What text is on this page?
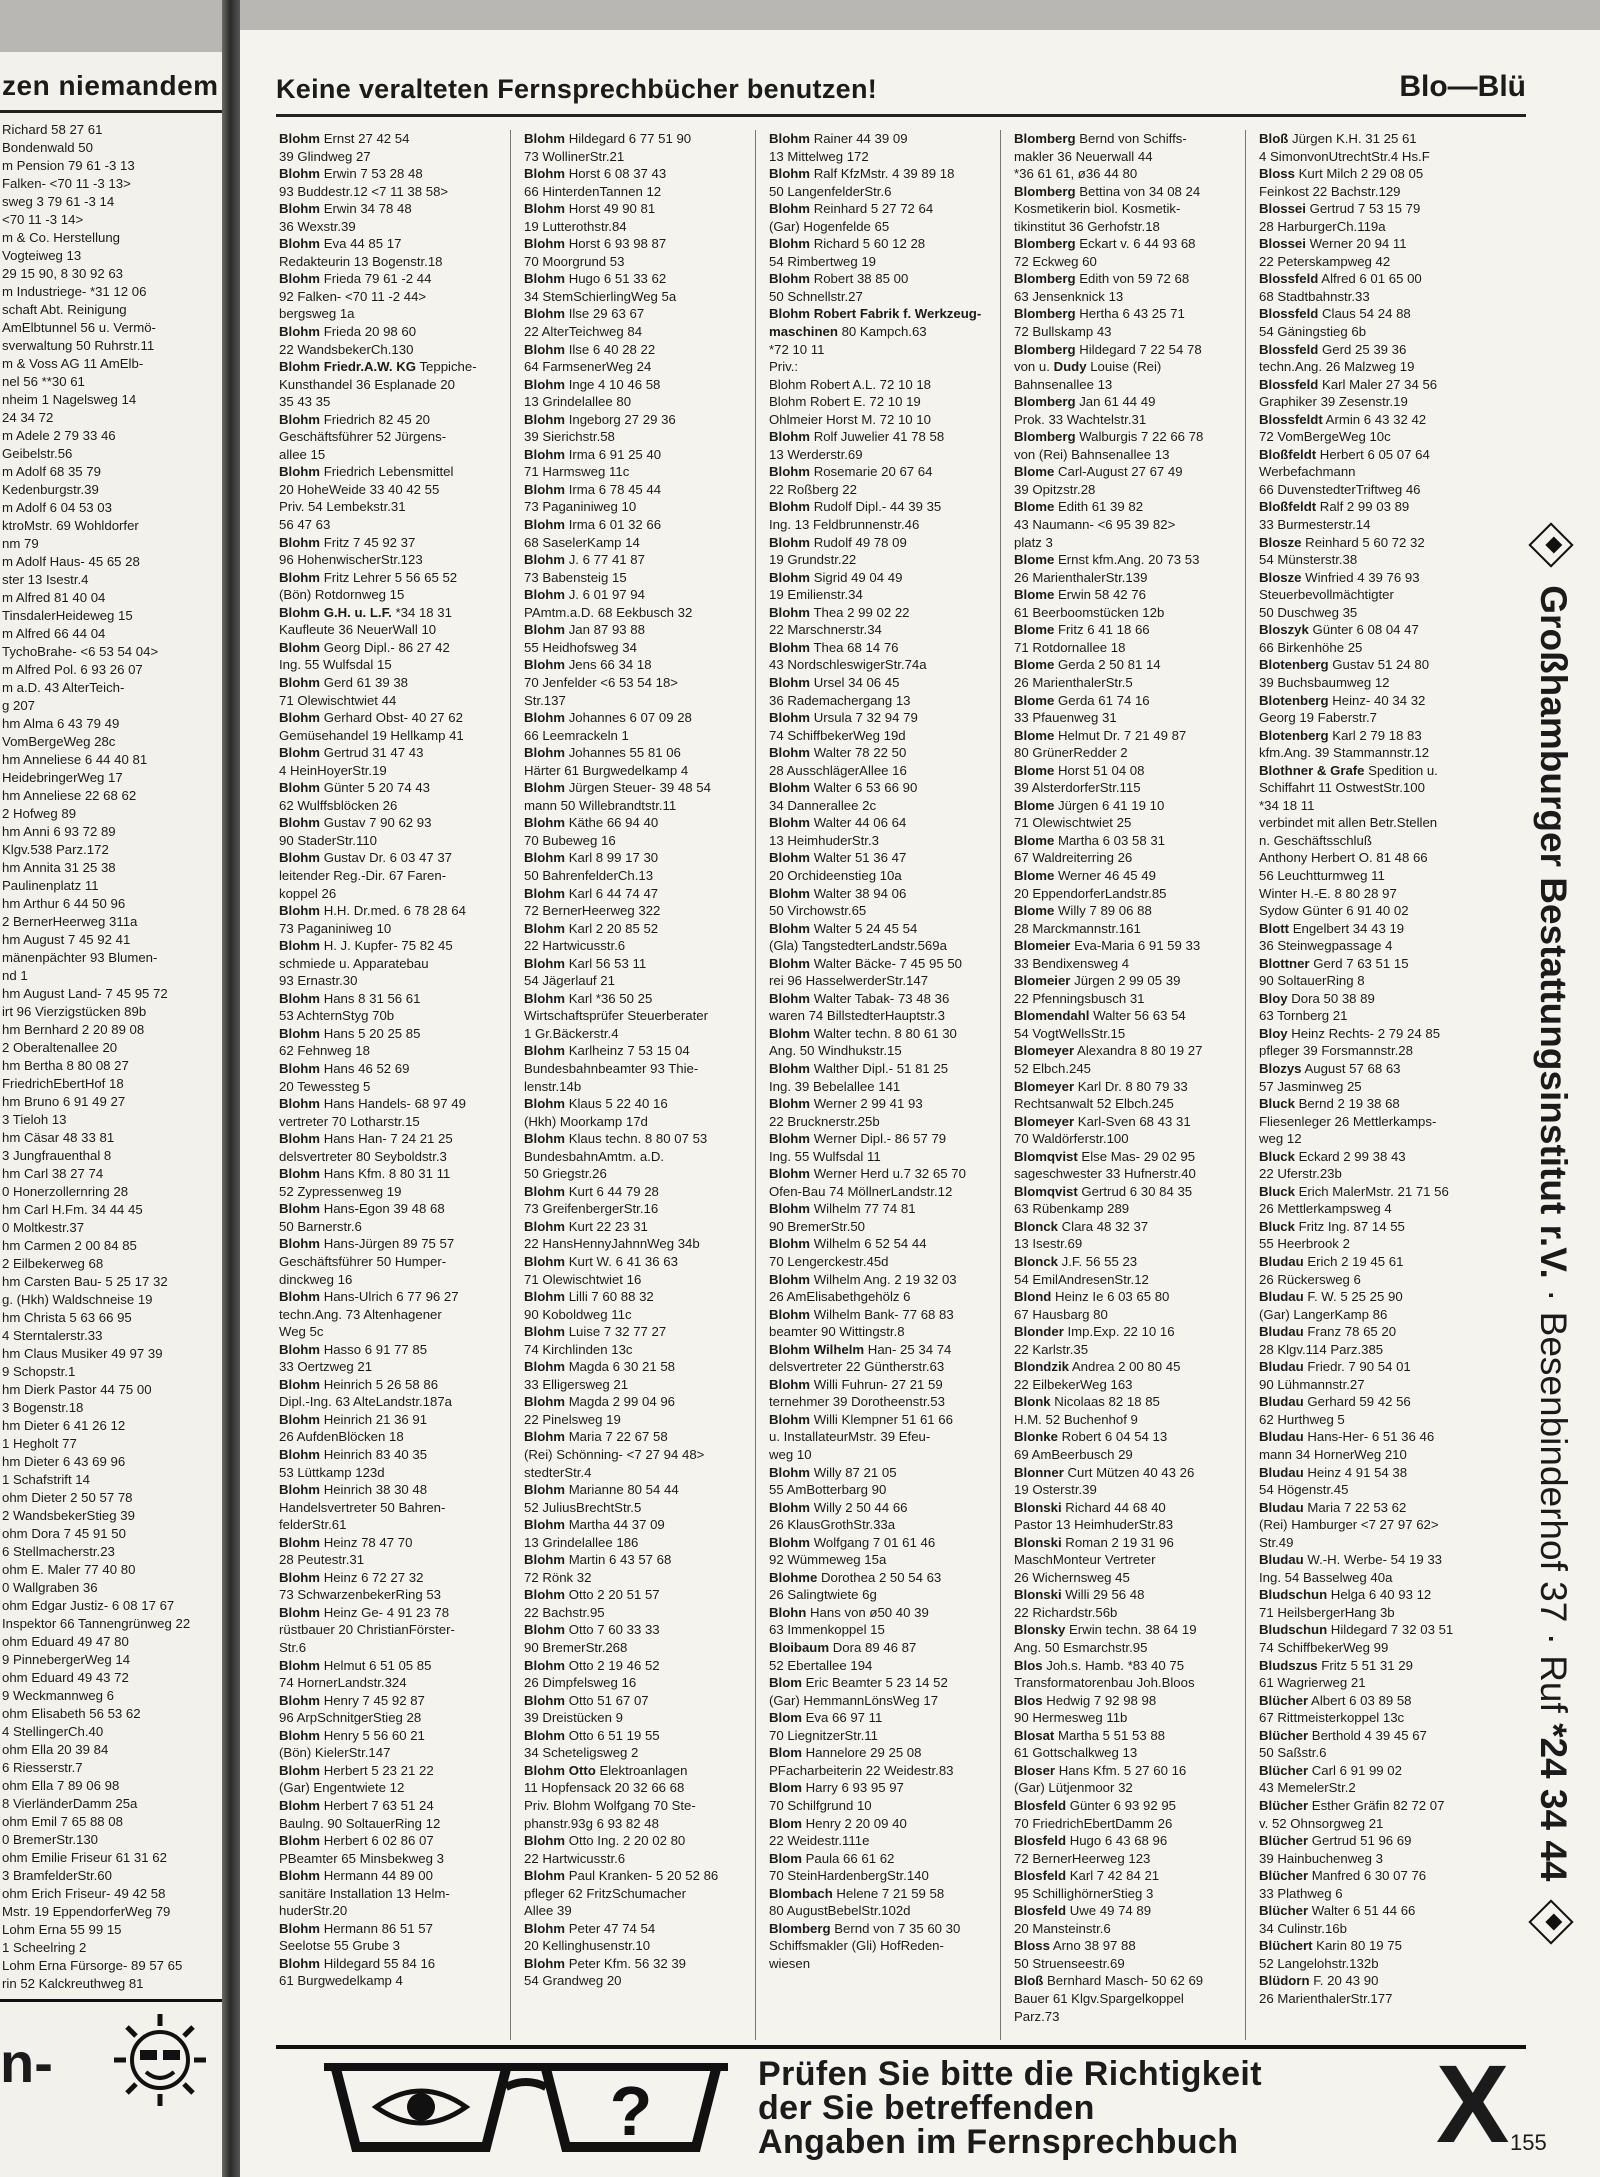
zen niemandem
Richard 58 27 61
Bondenwald 50
m Pension 79 61 -3 13
Falken- <70 11 -3 13>
sweg 3 79 61 -3 14
<70 11 -3 14>
m & Co. Herstellung
Vogteiweg 13
29 15 90, 8 30 92 63
m Industriege- *31 12 06
schaft Abt. Reinigung
AmElbtunnel 56 u. Vermö-
sverwaltung 50 Ruhrstr.11
m & Voss AG 11 AmElb-
nel 56 **30 61
nheim 1 Nagelsweg 14
24 34 72
m Adele 2 79 33 46
Geibelstr.56
m Adolf 68 35 79
Kedenburgstr.39
m Adolf 6 04 53 03
ktroMstr. 69 Wohldorfer
nm 79
m Adolf Haus- 45 65 28
ster 13 Isestr.4
m Alfred 81 40 04
TinsdalerHeideweg 15
m Alfred 66 44 04
TychoBrahe- <6 53 54 04>
m Alfred Pol. 6 93 26 07
m a.D. 43 AlterTeich-
g 207
hm Alma 6 43 79 49
VomBergeWeg 28c
hm Anneliese 6 44 40 81
HeidebringerWeg 17
hm Anneliese 22 68 62
2 Hofweg 89
hm Anni 6 93 72 89
Klgv.538 Parz.172
hm Annita 31 25 38
Paulinenplatz 11
hm Arthur 6 44 50 96
2 BernerHeerweg 311a
hm August 7 45 92 41
mänenpächter 93 Blumen-
nd 1
hm August Land- 7 45 95 72
irt 96 Vierzigstücken 89b
hm Bernhard 2 20 89 08
2 Oberaltenallee 20
hm Bertha 8 80 08 27
FriedrichEbertHof 18
hm Bruno 6 91 49 27
3 Tieloh 13
hm Cäsar 48 33 81
3 Jungfrauenthal 8
hm Carl 38 27 74
0 Honerzollernring 28
hm Carl H.Fm. 34 44 45
0 Moltkestr.37
hm Carmen 2 00 84 85
2 Eilbekerweg 68
hm Carsten Bau- 5 25 17 32
g. (Hkh) Waldschneise 19
hm Christa 5 63 66 95
4 Sterntalerstr.33
hm Claus Musiker 49 97 39
9 Schopstr.1
hm Dierk Pastor 44 75 00
3 Bogenstr.18
hm Dieter 6 41 26 12
1 Hegholt 77
hm Dieter 6 43 69 96
1 Schafstrift 14
ohm Dieter 2 50 57 78
2 WandsbekerStieg 39
ohm Dora 7 45 91 50
6 Stellmacherstr.23
ohm E. Maler 77 40 80
0 Wallgraben 36
ohm Edgar Justiz- 6 08 17 67
Inspektor 66 Tannengrünweg 22
ohm Eduard 49 47 80
9 PinnebergerWeg 14
ohm Eduard 49 43 72
9 Weckmannweg 6
ohm Elisabeth 56 53 62
4 StellingerCh.40
ohm Ella 20 39 84
6 Riesserstr.7
ohm Ella 7 89 06 98
8 VierländerDamm 25a
ohm Emil 7 65 88 08
0 BremerStr.130
ohm Emilie Friseur 61 31 62
3 BramfelderStr.60
ohm Erich Friseur- 49 42 58
Mstr. 19 EppendorferWeg 79
Lohm Erna 55 99 15
1 Scheelring 2
Lohm Erna Fürsorge- 89 57 65
rin 52 Kalckreuthweg 81
n-
Keine veralteten Fernsprechbücher benutzen!	Blo—Blü
Blohm Ernst 27 42 54
39 Glindweg 27
Blohm Erwin 7 53 28 48
93 Buddestr.12 <7 11 38 58>
Blohm Erwin 34 78 48
36 Wexstr.39
Blohm Eva 44 85 17
Redakteurin 13 Bogenstr.18
Blohm Frieda 79 61 -2 44
92 Falken- <70 11 -2 44>
bergsweg 1a
Blohm Frieda 20 98 60
22 WandsbekerCh.130
Blohm Friedr.A.W. KG Teppiche-
Kunsthandel 36 Esplanade 20
35 43 35
Blohm Friedrich 82 45 20
Geschäftsführer 52 Jürgens-
allee 15
Blohm Friedrich Lebensmittel
20 HoheWeide 33 40 42 55
Priv. 54 Lembekstr.31
56 47 63
Blohm Fritz 7 45 92 37
96 HohenwischerStr.123
Blohm Fritz Lehrer 5 56 65 52
(Bön) Rotdornweg 15
Blohm G.H. u. L.F. *34 18 31
Kaufleute 36 NeuerWall 10
Blohm Georg Dipl.- 86 27 42
Ing. 55 Wulfsdal 15
Blohm Gerd 61 39 38
71 Olewischtwiet 44
Blohm Gerhard Obst- 40 27 62
Gemüsehandel 19 Hellkamp 41
Blohm Gertrud 31 47 43
4 HeinHoyerStr.19
Blohm Günter 5 20 74 43
62 Wulffsblöcken 26
Blohm Gustav 7 90 62 93
90 StaderStr.110
Blohm Gustav Dr. 6 03 47 37
leitender Reg.-Dir. 67 Faren-
koppel 26
Blohm H.H. Dr.med. 6 78 28 64
73 Paganiniweg 10
Blohm H. J. Kupfer- 75 82 45
schmiede u. Apparatebau
93 Ernastr.30
Blohm Hans 8 31 56 61
53 AchternStyg 70b
Blohm Hans 5 20 25 85
62 Fehnweg 18
Blohm Hans 46 52 69
20 Tewessteg 5
Blohm Hans Handels- 68 97 49
vertreter 70 Lotharstr.15
Blohm Hans Han- 7 24 21 25
delsvertreter 80 Seyboldstr.3
Blohm Hans Kfm. 8 80 31 11
52 Zypressenweg 19
Blohm Hans-Egon 39 48 68
50 Barnerstr.6
Blohm Hans-Jürgen 89 75 57
Geschäftsführer 50 Humper-
dinckweg 16
Blohm Hans-Ulrich 6 77 96 27
techn.Ang. 73 Altenhagener
Weg 5c
Blohm Hasso 6 91 77 85
33 Oertzweg 21
Blohm Heinrich 5 26 58 86
Dipl.-Ing. 63 AlteLandstr.187a
Blohm Heinrich 21 36 91
26 AufdenBlöcken 18
Blohm Heinrich 83 40 35
53 Lüttkamp 123d
Blohm Heinrich 38 30 48
Handelsvertreter 50 Bahren-
felderStr.61
Blohm Heinz 78 47 70
28 Peutestr.31
Blohm Heinz 6 72 27 32
73 SchwarzenbekerRing 53
Blohm Heinz Ge- 4 91 23 78
rüstbauer 20 ChristianFörster-
Str.6
Blohm Helmut 6 51 05 85
74 HornerLandstr.324
Blohm Henry 7 45 92 87
96 ArpSchnitgerStieg 28
Blohm Henry 5 56 60 21
(Bön) KielerStr.147
Blohm Herbert 5 23 21 22
(Gar) Engentwiete 12
Blohm Herbert 7 63 51 24
Baulng. 90 SoltauerRing 12
Blohm Herbert 6 02 86 07
PBeamter 65 Minsbekweg 3
Blohm Hermann 44 89 00
sanitäre Installation 13 Helm-
huderStr.20
Blohm Hermann 86 51 57
Seelotse 55 Grube 3
Blohm Hildegard 55 84 16
61 Burgwedelkamp 4
Blohm Hildegard 6 77 51 90
73 WollinerStr.21
Blohm Horst 6 08 37 43
66 HinterdenTannen 12
Blohm Horst 49 90 81
19 Lutterothstr.84
Blohm Horst 6 93 98 87
70 Moorgrund 53
Blohm Hugo 6 51 33 62
34 StemSchierlingWeg 5a
Blohm Ilse 29 63 67
22 AlterTeichweg 84
Blohm Ilse 6 40 28 22
64 FarmsenerWeg 24
Blohm Inge 4 10 46 58
13 Grindelallee 80
Blohm Ingeborg 27 29 36
39 Sierichstr.58
Blohm Irma 6 91 25 40
71 Harmsweg 11c
Blohm Irma 6 78 45 44
73 Paganiniweg 10
Blohm Irma 6 01 32 66
68 SaselerKamp 14
Blohm J. 6 77 41 87
73 Babensteig 15
Blohm J. 6 01 97 94
PAmtm.a.D. 68 Eekbusch 32
Blohm Jan 87 93 88
55 Heidhofsweg 34
Blohm Jens 66 34 18
70 Jenfelder <6 53 54 18>
Str.137
Blohm Johannes 6 07 09 28
66 Leemrackeln 1
Blohm Johannes 55 81 06
Härter 61 Burgwedelkamp 4
Blohm Jürgen Steuer- 39 48 54
mann 50 Willebrandtstr.11
Blohm Käthe 66 94 40
70 Bubeweg 16
Blohm Karl 8 99 17 30
50 BahrenfelderCh.13
Blohm Karl 6 44 74 47
72 BernerHeerweg 322
Blohm Karl 2 20 85 52
22 Hartwicusstr.6
Blohm Karl 56 53 11
54 Jägerlauf 21
Blohm Karl *36 50 25
Wirtschaftsprüfer Steuerberater
1 Gr.Bäckerstr.4
Blohm Karlheinz 7 53 15 04
Bundesbahnbeamter 93 Thie-
lenstr.14b
Blohm Klaus 5 22 40 16
(Hkh) Moorkamp 17d
Blohm Klaus techn. 8 80 07 53
BundesbahnAmtm. a.D.
50 Griegstr.26
Blohm Kurt 6 44 79 28
73 GreifenbergerStr.16
Blohm Kurt 22 23 31
22 HansHennyJahnnWeg 34b
Blohm Kurt W. 6 41 36 63
71 Olewischtwiet 16
Blohm Lilli 7 60 88 32
90 Koboldweg 11c
Blohm Luise 7 32 77 27
74 Kirchlinden 13c
Blohm Magda 6 30 21 58
33 Elligersweg 21
Blohm Magda 2 99 04 96
22 Pinelsweg 19
Blohm Maria 7 22 67 58
(Rei) Schönning- <7 27 94 48>
stedterStr.4
Blohm Marianne 80 54 44
52 JuliusBrechtStr.5
Blohm Martha 44 37 09
13 Grindelallee 186
Blohm Martin 6 43 57 68
72 Rönk 32
Blohm Otto 2 20 51 57
22 Bachstr.95
Blohm Otto 7 60 33 33
90 BremerStr.268
Blohm Otto 2 19 46 52
26 Dimpfelsweg 16
Blohm Otto 51 67 07
39 Dreistücken 9
Blohm Otto 6 51 19 55
34 Scheteligsweg 2
Blohm Otto Elektroanlagen
11 Hopfensack 20 32 66 68
Priv. Blohm Wolfgang 70 Ste-
phanstr.93g 6 93 82 48
Blohm Otto Ing. 2 20 02 80
22 Hartwicusstr.6
Blohm Paul Kranken- 5 20 52 86
pfleger 62 FritzSchumacher
Allee 39
Blohm Peter 47 74 54
20 Kellinghusenstr.10
Blohm Peter Kfm. 56 32 39
54 Grandweg 20
Blohm Rainer 44 39 09
13 Mittelweg 172
Blohm Ralf KfzMstr. 4 39 89 18
50 LangenfelderStr.6
Blohm Reinhard 5 27 72 64
(Gar) Hogenfelde 65
Blohm Richard 5 60 12 28
54 Rimbertweg 19
Blohm Robert 38 85 00
50 Schnellstr.27
Blohm Robert Fabrik f. Werkzeug-
maschinen 80 Kampch.63
*72 10 11
Priv.:
Blohm Robert A.L. 72 10 18
Blohm Robert E. 72 10 19
Ohlmeier Horst M. 72 10 10
Blohm Rolf Juwelier 41 78 58
13 Werderstr.69
Blohm Rosemarie 20 67 64
22 Roßberg 22
Blohm Rudolf Dipl.- 44 39 35
Ing. 13 Feldbrunnenstr.46
Blohm Rudolf 49 78 09
19 Grundstr.22
Blohm Sigrid 49 04 49
19 Emilienstr.34
Blohm Thea 2 99 02 22
22 Marschnerstr.34
Blohm Thea 68 14 76
43 NordschleswigerStr.74a
Blohm Ursel 34 06 45
36 Rademachergang 13
Blohm Ursula 7 32 94 79
74 SchiffbekerWeg 19d
Blohm Walter 78 22 50
28 AusschlägerAllee 16
Blohm Walter 6 53 66 90
34 Dannerallee 2c
Blohm Walter 44 06 64
13 HeimhuderStr.3
Blohm Walter 51 36 47
20 Orchideenstieg 10a
Blohm Walter 38 94 06
50 Virchowstr.65
Blohm Walter 5 24 45 54
(Gla) TangstedterLandstr.569a
Blohm Walter Bäcke- 7 45 95 50
rei 96 HasselwerderStr.147
Blohm Walter Tabak- 73 48 36
waren 74 BillstedterHauptstr.3
Blohm Walter techn. 8 80 61 30
Ang. 50 Windhukstr.15
Blohm Walther Dipl.- 51 81 25
Ing. 39 Bebelallee 141
Blohm Werner 2 99 41 93
22 Brucknerstr.25b
Blohm Werner Dipl.- 86 57 79
Ing. 55 Wulfsdal 11
Blohm Werner Herd u.7 32 65 70
Ofen-Bau 74 MöllnerLandstr.12
Blohm Wilhelm 77 74 81
90 BremerStr.50
Blohm Wilhelm 6 52 54 44
70 Lengerckestr.45d
Blohm Wilhelm Ang. 2 19 32 03
26 AmElisabethgehölz 6
Blohm Wilhelm Bank- 77 68 83
beamter 90 Wittingstr.8
Blohm Wilhelm Han- 25 34 74
delsvertreter 22 Güntherstr.63
Blohm Willi Fuhrun- 27 21 59
ternehmer 39 Dorotheenstr.53
Blohm Willi Klempner 51 61 66
u. InstallateurMstr. 39 Efeu-
weg 10
Blohm Willy 87 21 05
55 AmBotterbarg 90
Blohm Willy 2 50 44 66
26 KlausGrothStr.33a
Blohm Wolfgang 7 01 61 46
92 Wümmeweg 15a
Blohme Dorothea 2 50 54 63
26 Salingtwiete 6g
Blohn Hans von ø50 40 39
63 Immenkoppel 15
Bloibaum Dora 89 46 87
52 Ebertallee 194
Blom Eric Beamter 5 23 14 52
(Gar) HemmannLönsWeg 17
Blom Eva 66 97 11
70 LiegnitzerStr.11
Blom Hannelore 29 25 08
PFacharbeiterin 22 Weidestr.83
Blom Harry 6 93 95 97
70 Schilfgrund 10
Blom Henry 2 20 09 40
22 Weidestr.111e
Blom Paula 66 61 62
70 SteinHardenbergStr.140
Blombach Helene 7 21 59 58
80 AugustBebelStr.102d
Blomberg Bernd von 7 35 60 30
Schiffsmakler (Gli) HofReden-
wiesen
Blomberg Bernd von Schiffs-
makler 36 Neuerwall 44
*36 61 61, ø36 44 80
Blomberg Bettina von 34 08 24
Kosmetikerin biol. Kosmetik-
tikinstitut 36 Gerhofstr.18
Blomberg Eckart v. 6 44 93 68
72 Eckweg 60
Blomberg Edith von 59 72 68
63 Jensenknick 13
Blomberg Hertha 6 43 25 71
72 Bullskamp 43
Blomberg Hildegard 7 22 54 78
von u. Dudy Louise (Rei)
Bahnsenallee 13
Blomberg Jan 61 44 49
Prok. 33 Wachtelstr.31
Blomberg Walburgis 7 22 66 78
von (Rei) Bahnsenallee 13
Blome Carl-August 27 67 49
39 Opitzstr.28
Blome Edith 61 39 82
43 Naumann- <6 95 39 82>
platz 3
Blome Ernst kfm.Ang. 20 73 53
26 MarienthalerStr.139
Blome Erwin 58 42 76
61 Beerboomstücken 12b
Blome Fritz 6 41 18 66
71 Rotdornallee 18
Blome Gerda 2 50 81 14
26 MarienthalerStr.5
Blome Gerda 61 74 16
33 Pfauenweg 31
Blome Helmut Dr. 7 21 49 87
80 GrünerRedder 2
Blome Horst 51 04 08
39 AlsterdorferStr.115
Blome Jürgen 6 41 19 10
71 Olewischtwiet 25
Blome Martha 6 03 58 31
67 Waldreiterring 26
Blome Werner 46 45 49
20 EppendorferLandstr.85
Blome Willy 7 89 06 88
28 Marckmannstr.161
Blomeier Eva-Maria 6 91 59 33
33 Bendixensweg 4
Blomeier Jürgen 2 99 05 39
22 Pfenningsbusch 31
Blomendahl Walter 56 63 54
54 VogtWellsStr.15
Blomeyer Alexandra 8 80 19 27
52 Elbch.245
Blomeyer Karl Dr. 8 80 79 33
Rechtsanwalt 52 Elbch.245
Blomeyer Karl-Sven 68 43 31
70 Waldörferstr.100
Blomqvist Else Mas- 29 02 95
sageschwester 33 Hufnerstr.40
Blomqvist Gertrud 6 30 84 35
63 Rübenkamp 289
Blonck Clara 48 32 37
13 Isestr.69
Blonck J.F. 56 55 23
54 EmilAndresenStr.12
Blond Heinz Ie 6 03 65 80
67 Hausbarg 80
Blonder Imp.Exp. 22 10 16
22 Karlstr.35
Blondzik Andrea 2 00 80 45
22 EilbekerWeg 163
Blonk Nicolaas 82 18 85
H.M. 52 Buchenhof 9
Blonke Robert 6 04 54 13
69 AmBeerbusch 29
Blonner Curt Mützen 40 43 26
19 Osterstr.39
Blonski Richard 44 68 40
Pastor 13 HeimhuderStr.83
Blonski Roman 2 19 31 96
MaschMonteur Vertreter
26 Wichernsweg 45
Blonski Willi 29 56 48
22 Richardstr.56b
Blonsky Erwin techn. 38 64 19
Ang. 50 Esmarchstr.95
Blos Joh.s. Hamb. *83 40 75
Transformatorenbau Joh.Bloos
Blos Hedwig 7 92 98 98
90 Hermesweg 11b
Blosat Martha 5 51 53 88
61 Gottschalkweg 13
Bloser Hans Kfm. 5 27 60 16
(Gar) Lütjenmoor 32
Blosfeld Günter 6 93 92 95
70 FriedrichEbertDamm 26
Blosfeld Hugo 6 43 68 96
72 BernerHeerweg 123
Blosfeld Karl 7 42 84 21
95 SchillighörnerStieg 3
Blosfeld Uwe 49 74 89
20 Mansteinstr.6
Bloss Arno 38 97 88
50 Struenseestr.69
Bloß Bernhard Masch- 50 62 69
Bauer 61 Klgv.Spargelkoppel
Parz.73
Bloß Jürgen K.H. 31 25 61
4 SimonvonUtrechtStr.4 Hs.F
Bloss Kurt Milch 2 29 08 05
Feinkost 22 Bachstr.129
Blossei Gertrud 7 53 15 79
28 HarburgerCh.119a
Blossei Werner 20 94 11
22 Peterskampweg 42
Blossfeld Alfred 6 01 65 00
68 Stadtbahnstr.33
Blossfeld Claus 54 24 88
54 Gäningstieg 6b
Blossfeld Gerd 25 39 36
techn.Ang. 26 Malzweg 19
Blossfeld Karl Maler 27 34 56
Graphiker 39 Zesenstr.19
Blossfeldt Armin 6 43 32 42
72 VomBergeWeg 10c
Bloßfeldt Herbert 6 05 07 64
Werbefachmann
66 DuvenstedterTriftweg 46
Bloßfeldt Ralf 2 99 03 89
33 Burmesterstr.14
Blosze Reinhard 5 60 72 32
54 Münsterstr.38
Blosze Winfried 4 39 76 93
Steuerbevollmächtigter
50 Duschweg 35
Bloszyk Günter 6 08 04 47
66 Birkenhöhe 25
Blotenberg Gustav 51 24 80
39 Buchsbaumweg 12
Blotenberg Heinz- 40 34 32
Georg 19 Faberstr.7
Blotenberg Karl 2 79 18 83
kfm.Ang. 39 Stammannstr.12
Blothner & Grafe Spedition u.
Schiffahrt 11 OstwestStr.100
*34 18 11
verbindet mit allen Betr.Stellen
n. Geschäftsschluß
Anthony Herbert O. 81 48 66
56 Leuchtturmweg 11
Winter H.-E. 8 80 28 97
Sydow Günter 6 91 40 02
Blott Engelbert 34 43 19
36 Steinwegpassage 4
Blottner Gerd 7 63 51 15
90 SoltauerRing 8
Bloy Dora 50 38 89
63 Tornberg 21
Bloy Heinz Rechts- 2 79 24 85
pfleger 39 Forsmannstr.28
Blozys August 57 68 63
57 Jasminweg 25
Bluck Bernd 2 19 38 68
Fliesenleger 26 Mettlerkamps-
weg 12
Bluck Eckard 2 99 38 43
22 Uferstr.23b
Bluck Erich MalerMstr. 21 71 56
26 Mettlerkampsweg 4
Bluck Fritz Ing. 87 14 55
55 Heerbrook 2
Bludau Erich 2 19 45 61
26 Rückersweg 6
Bludau F. W. 5 25 25 90
(Gar) LangerKamp 86
Bludau Franz 78 65 20
28 Klgv.114 Parz.385
Bludau Friedr. 7 90 54 01
90 Lühmannstr.27
Bludau Gerhard 59 42 56
62 Hurthweg 5
Bludau Hans-Her- 6 51 36 46
mann 34 HornerWeg 210
Bludau Heinz 4 91 54 38
54 Högenstr.45
Bludau Maria 7 22 53 62
(Rei) Hamburger <7 27 97 62>
Str.49
Bludau W.-H. Werbe- 54 19 33
Ing. 54 Basselweg 40a
Bludschun Helga 6 40 93 12
71 HeilsbergerHang 3b
Bludschun Hildegard 7 32 03 51
74 SchiffbekerWeg 99
Bludszus Fritz 5 51 31 29
61 Wagrierweg 21
Blücher Albert 6 03 89 58
67 Rittmeisterkoppel 13c
Blücher Berthold 4 39 45 67
50 Saßstr.6
Blücher Carl 6 91 99 02
43 MemelerStr.2
Blücher Esther Gräfin 82 72 07
v. 52 Ohnsorgweg 21
Blücher Gertrud 51 96 69
39 Hainbuchenweg 3
Blücher Manfred 6 30 07 76
33 Plathweg 6
Blücher Walter 6 51 44 66
34 Culinstr.16b
Blüchert Karin 80 19 75
52 Langelohstr.132b
Blüdorn F. 20 43 90
26 MarienthalerStr.177
Großhamburger Bestattungsinstitut r.V. · Besenbinderhof 37 · Ruf *24 34 44
?	Prüfen Sie bitte die Richtigkeit
der Sie betreffenden
Angaben im Fernsprechbuch X 155
